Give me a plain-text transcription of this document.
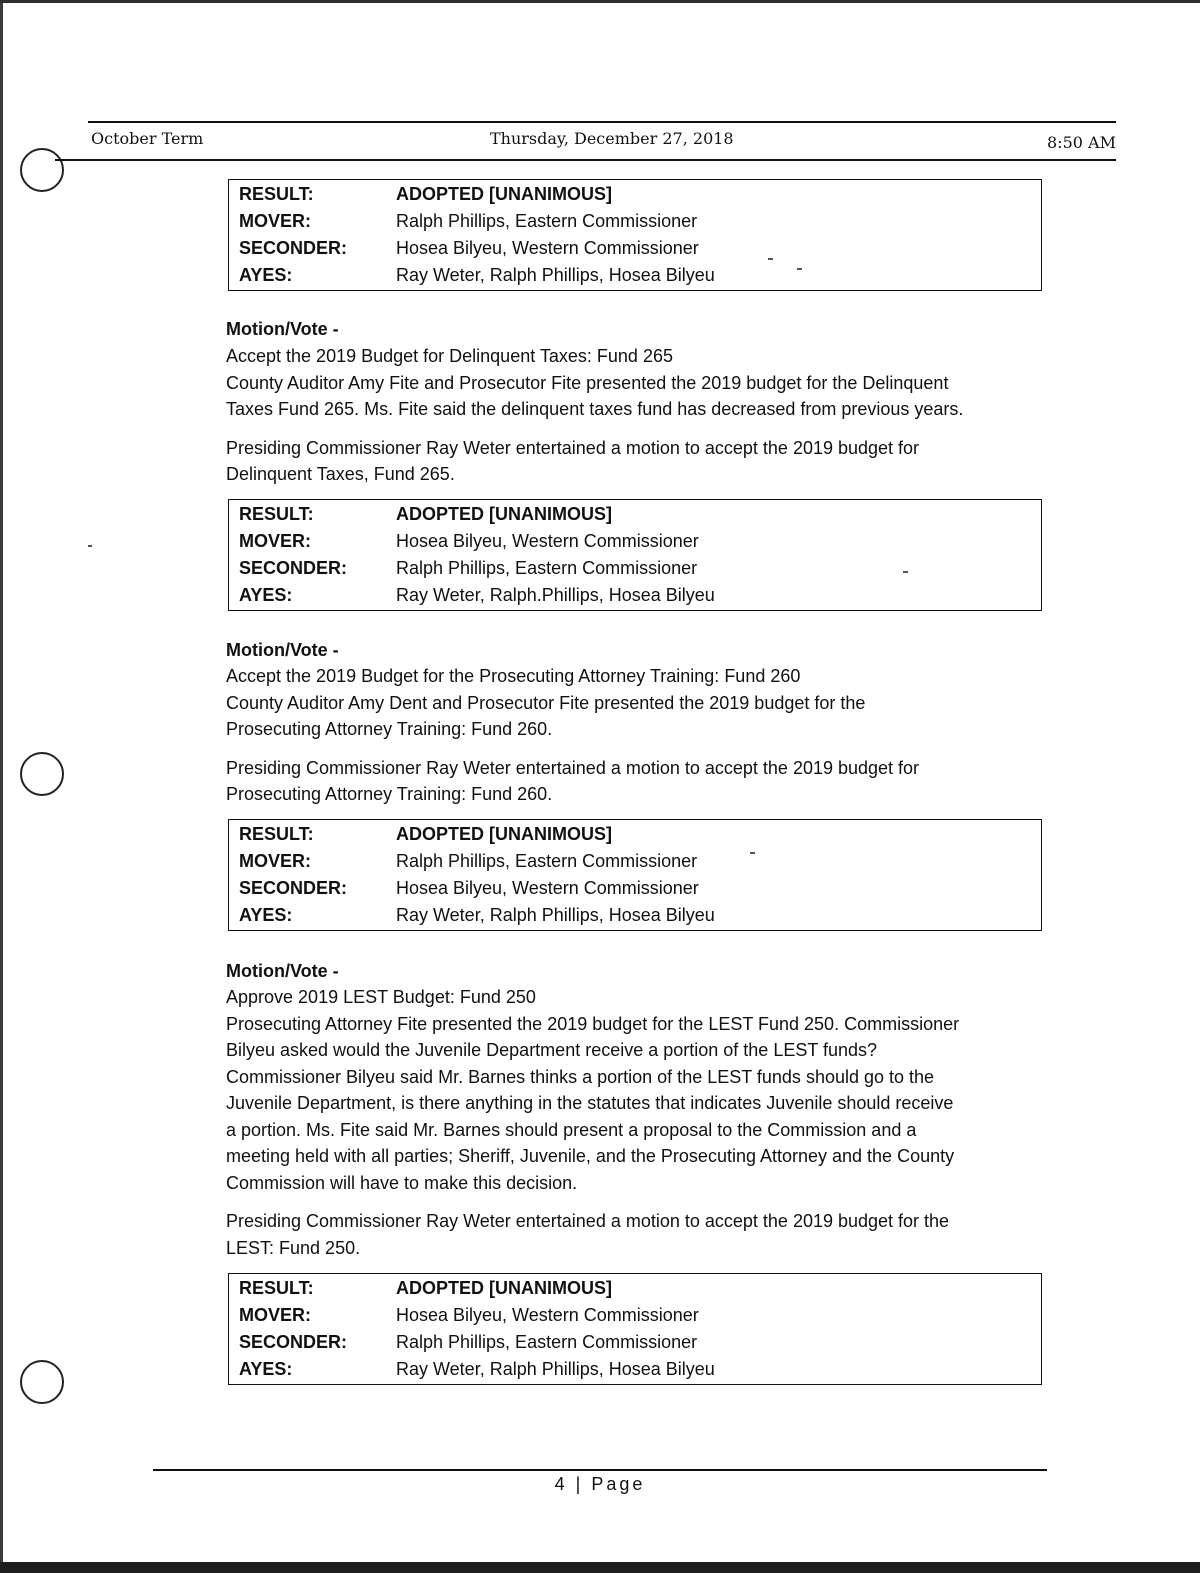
October Term	Thursday, December 27, 2018	8:50 AM
RESULT:	ADOPTED [UNANIMOUS]
MOVER:	Ralph Phillips, Eastern Commissioner
SECONDER:	Hosea Bilyeu, Western Commissioner
AYES:	Ray Weter, Ralph Phillips, Hosea Bilyeu
Motion/Vote -
Accept the 2019 Budget for Delinquent Taxes: Fund 265
County Auditor Amy Fite and Prosecutor Fite presented the 2019 budget for the Delinquent
Taxes Fund 265. Ms. Fite said the delinquent taxes fund has decreased from previous years.
Presiding Commissioner Ray Weter entertained a motion to accept the 2019 budget for
Delinquent Taxes, Fund 265.
RESULT:	ADOPTED [UNANIMOUS]
MOVER:	Hosea Bilyeu, Western Commissioner
SECONDER:	Ralph Phillips, Eastern Commissioner
AYES:	Ray Weter, Ralph.Phillips, Hosea Bilyeu
Motion/Vote -
Accept the 2019 Budget for the Prosecuting Attorney Training: Fund 260
County Auditor Amy Dent and Prosecutor Fite presented the 2019 budget for the
Prosecuting Attorney Training: Fund 260.
Presiding Commissioner Ray Weter entertained a motion to accept the 2019 budget for
Prosecuting Attorney Training: Fund 260.
RESULT:	ADOPTED [UNANIMOUS]
MOVER:	Ralph Phillips, Eastern Commissioner
SECONDER:	Hosea Bilyeu, Western Commissioner
AYES:	Ray Weter, Ralph Phillips, Hosea Bilyeu
Motion/Vote -
Approve 2019 LEST Budget: Fund 250
Prosecuting Attorney Fite presented the 2019 budget for the LEST Fund 250. Commissioner
Bilyeu asked would the Juvenile Department receive a portion of the LEST funds?
Commissioner Bilyeu said Mr. Barnes thinks a portion of the LEST funds should go to the
Juvenile Department, is there anything in the statutes that indicates Juvenile should receive
a portion. Ms. Fite said Mr. Barnes should present a proposal to the Commission and a
meeting held with all parties; Sheriff, Juvenile, and the Prosecuting Attorney and the County
Commission will have to make this decision.
Presiding Commissioner Ray Weter entertained a motion to accept the 2019 budget for the
LEST: Fund 250.
RESULT:	ADOPTED [UNANIMOUS]
MOVER:	Hosea Bilyeu, Western Commissioner
SECONDER:	Ralph Phillips, Eastern Commissioner
AYES:	Ray Weter, Ralph Phillips, Hosea Bilyeu
4 | Page
